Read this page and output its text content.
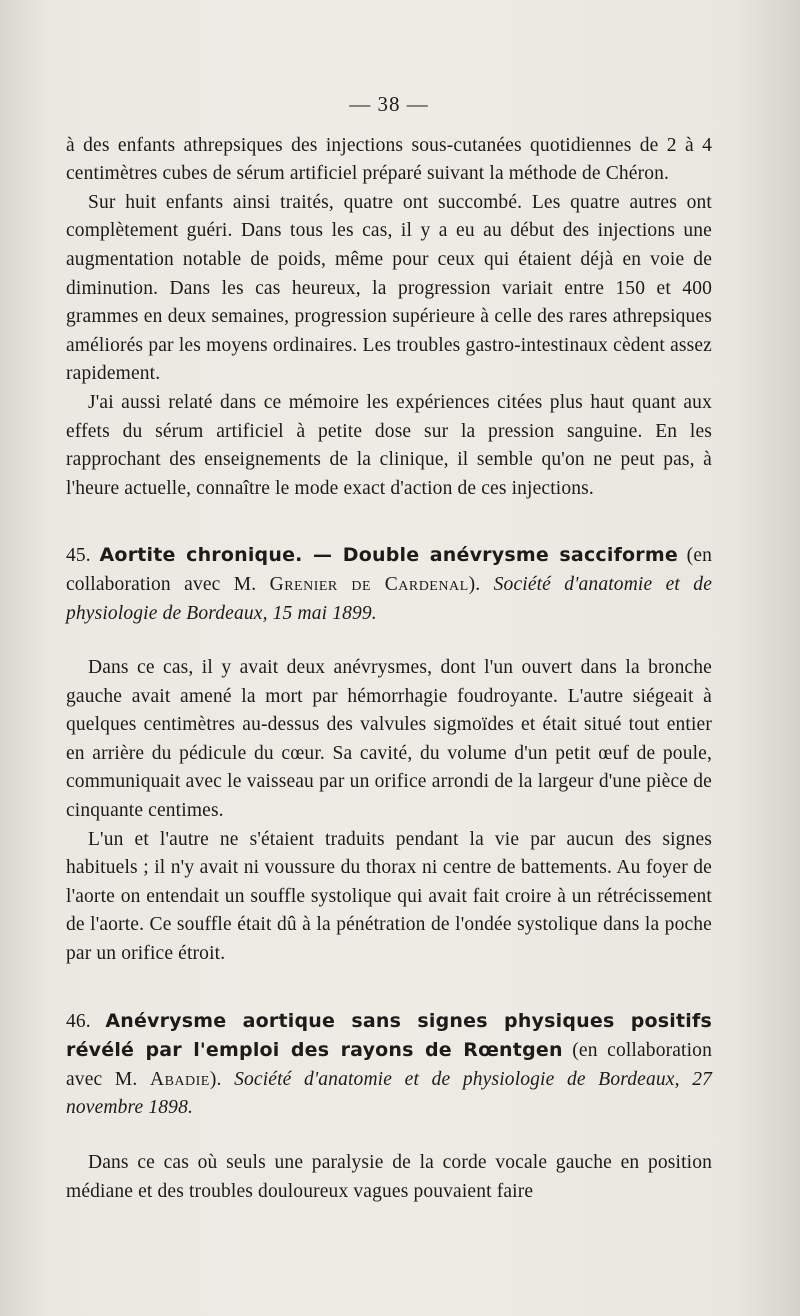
— 38 —

à des enfants athrepsiques des injections sous-cutanées quotidiennes de 2 à 4 centimètres cubes de sérum artificiel préparé suivant la méthode de Chéron.

Sur huit enfants ainsi traités, quatre ont succombé. Les quatre autres ont complètement guéri. Dans tous les cas, il y a eu au début des injections une augmentation notable de poids, même pour ceux qui étaient déjà en voie de diminution. Dans les cas heureux, la progression variait entre 150 et 400 grammes en deux semaines, progression supérieure à celle des rares athrepsiques améliorés par les moyens ordinaires. Les troubles gastro-intestinaux cèdent assez rapidement.

J'ai aussi relaté dans ce mémoire les expériences citées plus haut quant aux effets du sérum artificiel à petite dose sur la pression sanguine. En les rapprochant des enseignements de la clinique, il semble qu'on ne peut pas, à l'heure actuelle, connaître le mode exact d'action de ces injections.

45. Aortite chronique. — Double anévrysme sacciforme (en collaboration avec M. Grenier de Cardenal). Société d'anatomie et de physiologie de Bordeaux, 15 mai 1899.

Dans ce cas, il y avait deux anévrysmes, dont l'un ouvert dans la bronche gauche avait amené la mort par hémorrhagie foudroyante. L'autre siégeait à quelques centimètres au-dessus des valvules sigmoïdes et était situé tout entier en arrière du pédicule du cœur. Sa cavité, du volume d'un petit œuf de poule, communiquait avec le vaisseau par un orifice arrondi de la largeur d'une pièce de cinquante centimes.

L'un et l'autre ne s'étaient traduits pendant la vie par aucun des signes habituels ; il n'y avait ni voussure du thorax ni centre de battements. Au foyer de l'aorte on entendait un souffle systolique qui avait fait croire à un rétrécissement de l'aorte. Ce souffle était dû à la pénétration de l'ondée systolique dans la poche par un orifice étroit.

46. Anévrysme aortique sans signes physiques positifs révélé par l'emploi des rayons de Rœntgen (en collaboration avec M. Abadie). Société d'anatomie et de physiologie de Bordeaux, 27 novembre 1898.

Dans ce cas où seuls une paralysie de la corde vocale gauche en position médiane et des troubles douloureux vagues pouvaient faire
